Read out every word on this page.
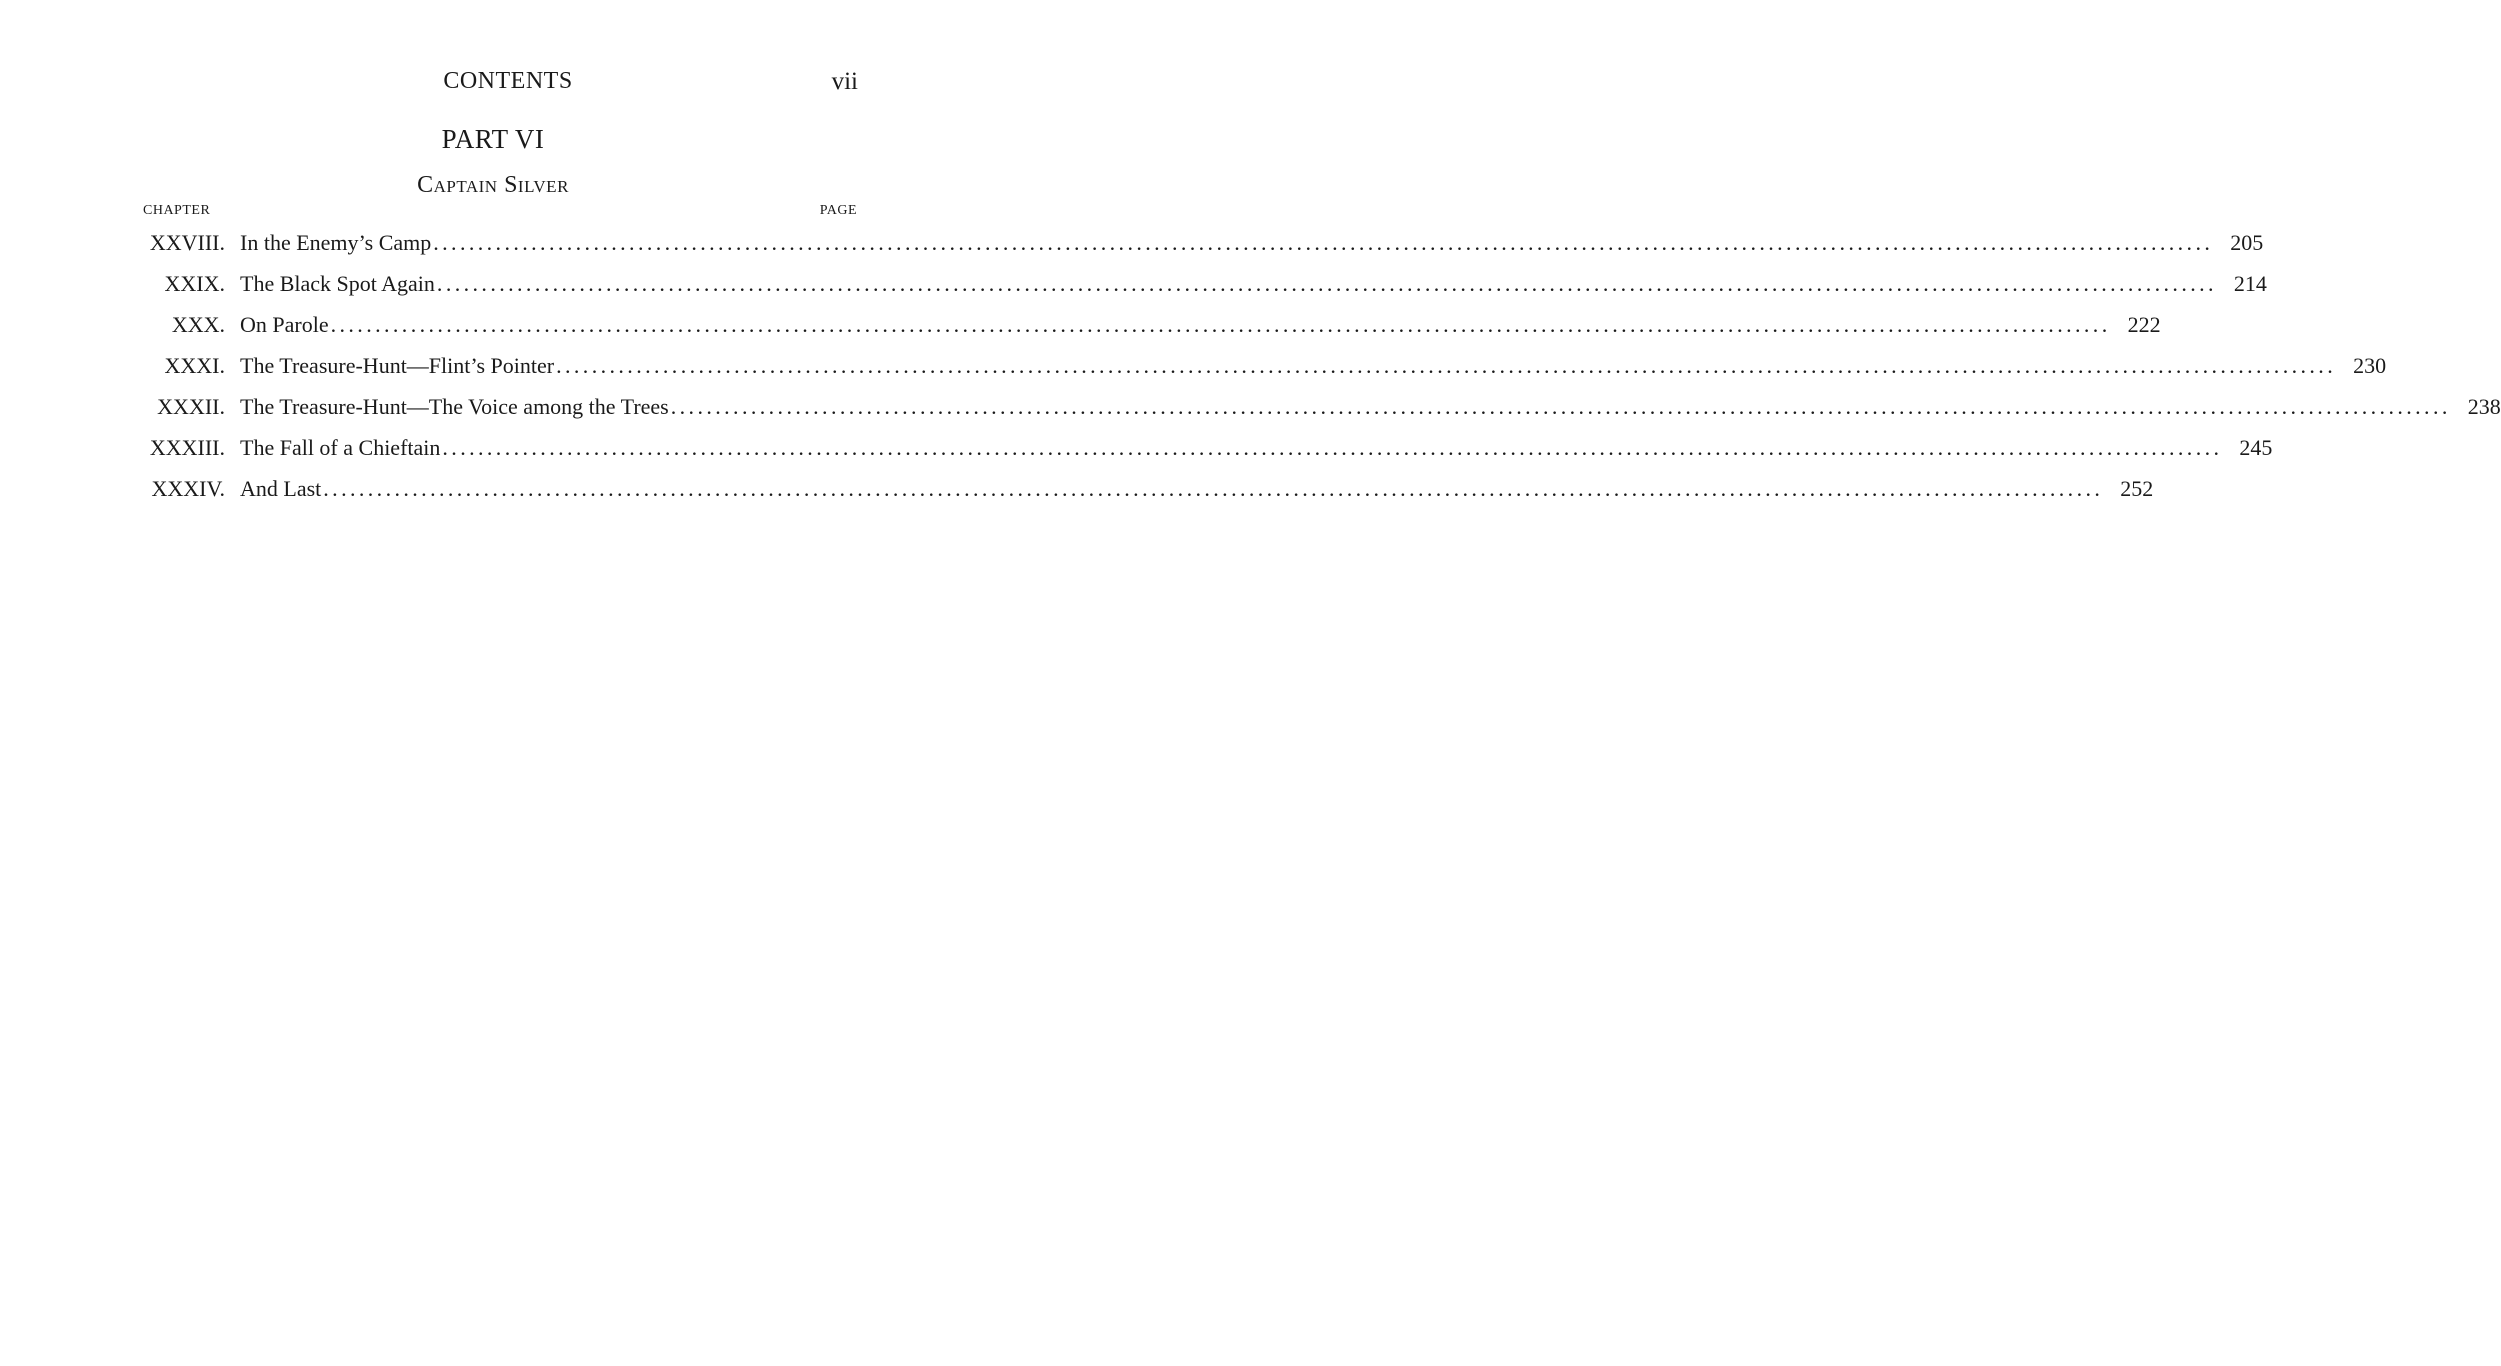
CONTENTS	vii
PART VI
Captain Silver
CHAPTER	PAGE
XXVIII. In the Enemy’s Camp ........................................................................................................................................................................................................ 205
XXIX. The Black Spot Again ........................................................................................................................................................................................................ 214
XXX. On Parole ........................................................................................................................................................................................................ 222
XXXI. The Treasure-Hunt—Flint’s Pointer ........................................................................................................................................................................................................ 230
XXXII. The Treasure-Hunt—The Voice among the Trees ........................................................................................................................................................................................................ 238
XXXIII. The Fall of a Chieftain ........................................................................................................................................................................................................ 245
XXXIV. And Last ........................................................................................................................................................................................................ 252
